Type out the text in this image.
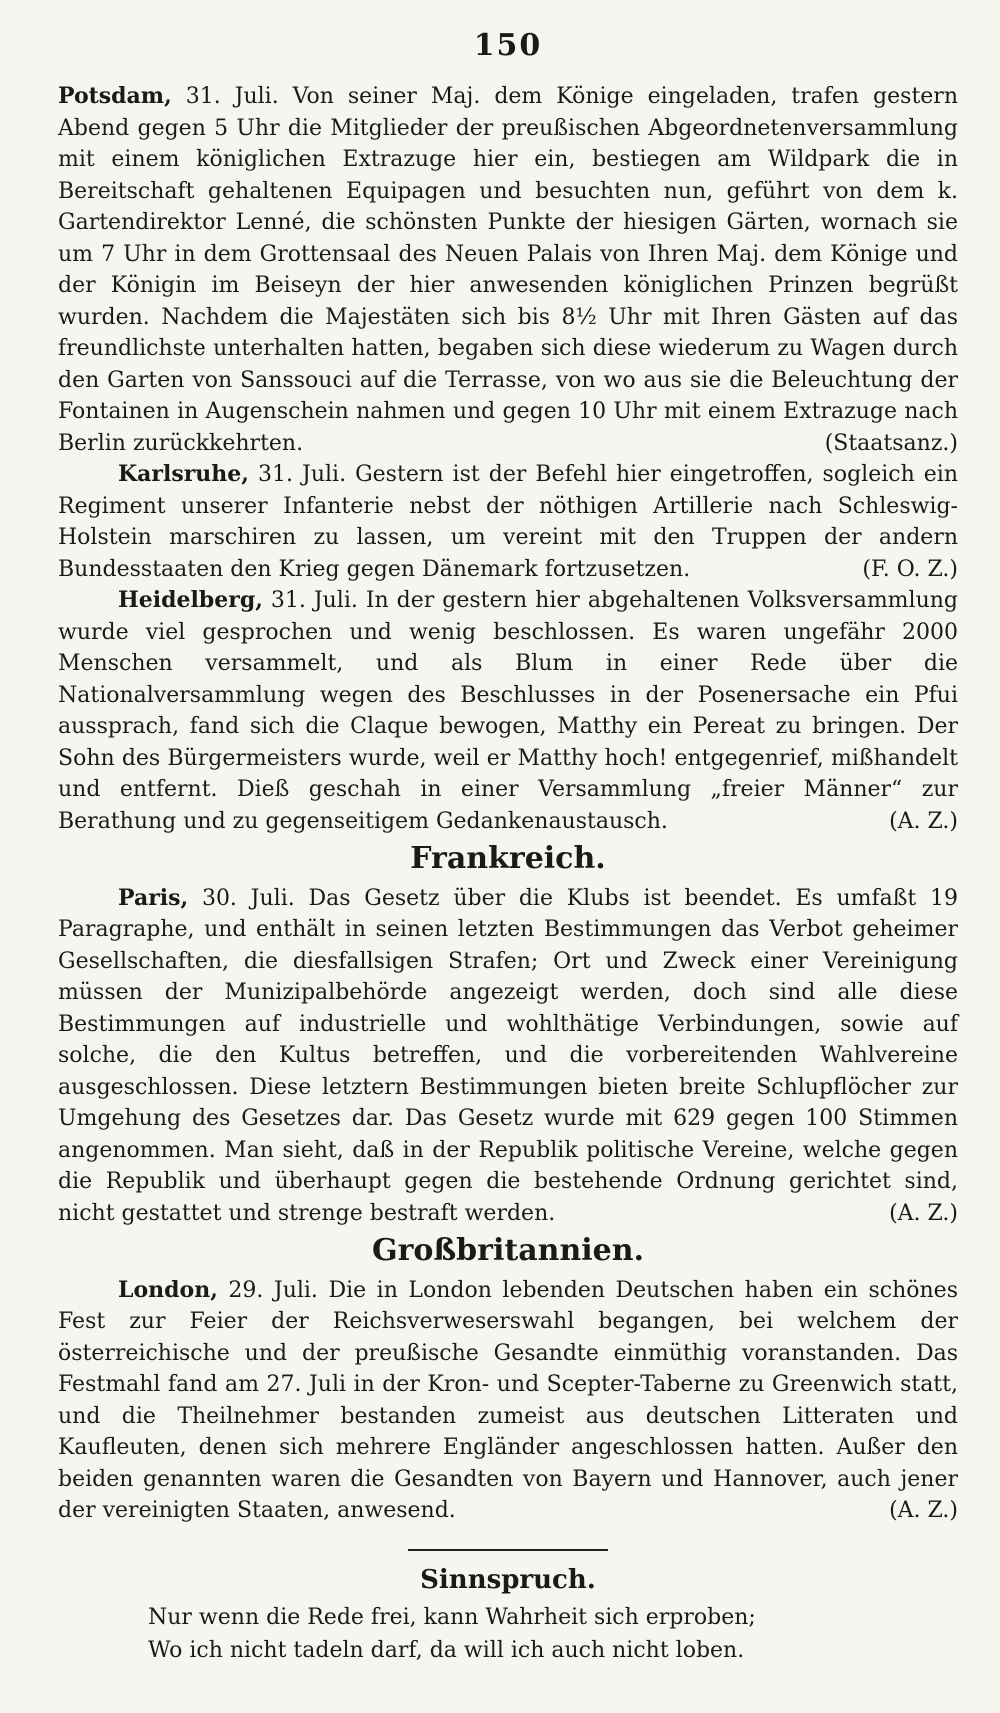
150

Potsdam, 31. Juli. Von seiner Maj. dem Könige eingeladen, trafen gestern Abend gegen 5 Uhr die Mitglieder der preußischen Abgeordnetenversammlung mit einem königlichen Extrazuge hier ein, bestiegen am Wildpark die in Bereitschaft gehaltenen Equipagen und besuchten nun, geführt von dem k. Gartendirektor Lenné, die schönsten Punkte der hiesigen Gärten, wornach sie um 7 Uhr in dem Grottensaal des Neuen Palais von Ihren Maj. dem Könige und der Königin im Beiseyn der hier anwesenden königlichen Prinzen begrüßt wurden. Nachdem die Majestäten sich bis 8½ Uhr mit Ihren Gästen auf das freundlichste unterhalten hatten, begaben sich diese wiederum zu Wagen durch den Garten von Sanssouci auf die Terrasse, von wo aus sie die Beleuchtung der Fontainen in Augenschein nahmen und gegen 10 Uhr mit einem Extrazuge nach Berlin zurückkehrten.	(Staatsanz.)

Karlsruhe, 31. Juli. Gestern ist der Befehl hier eingetroffen, sogleich ein Regiment unserer Infanterie nebst der nöthigen Artillerie nach Schleswig-Holstein marschiren zu lassen, um vereint mit den Truppen der andern Bundesstaaten den Krieg gegen Dänemark fortzusetzen.	(F. O. Z.)

Heidelberg, 31. Juli. In der gestern hier abgehaltenen Volksversammlung wurde viel gesprochen und wenig beschlossen. Es waren ungefähr 2000 Menschen versammelt, und als Blum in einer Rede über die Nationalversammlung wegen des Beschlusses in der Posenersache ein Pfui aussprach, fand sich die Claque bewogen, Matthy ein Pereat zu bringen. Der Sohn des Bürgermeisters wurde, weil er Matthy hoch! entgegenrief, mißhandelt und entfernt. Dieß geschah in einer Versammlung „freier Männer“ zur Berathung und zu gegenseitigem Gedankenaustausch.	(A. Z.)

Frankreich.

Paris, 30. Juli. Das Gesetz über die Klubs ist beendet. Es umfaßt 19 Paragraphe, und enthält in seinen letzten Bestimmungen das Verbot geheimer Gesellschaften, die diesfallsigen Strafen; Ort und Zweck einer Vereinigung müssen der Munizipalbehörde angezeigt werden, doch sind alle diese Bestimmungen auf industrielle und wohlthätige Verbindungen, sowie auf solche, die den Kultus betreffen, und die vorbereitenden Wahlvereine ausgeschlossen. Diese letztern Bestimmungen bieten breite Schlupflöcher zur Umgehung des Gesetzes dar. Das Gesetz wurde mit 629 gegen 100 Stimmen angenommen. Man sieht, daß in der Republik politische Vereine, welche gegen die Republik und überhaupt gegen die bestehende Ordnung gerichtet sind, nicht gestattet und strenge bestraft werden.	(A. Z.)

Großbritannien.

London, 29. Juli. Die in London lebenden Deutschen haben ein schönes Fest zur Feier der Reichsverweserswahl begangen, bei welchem der österreichische und der preußische Gesandte einmüthig voranstanden. Das Festmahl fand am 27. Juli in der Kron- und Scepter-Taberne zu Greenwich statt, und die Theilnehmer bestanden zumeist aus deutschen Litteraten und Kaufleuten, denen sich mehrere Engländer angeschlossen hatten. Außer den beiden genannten waren die Gesandten von Bayern und Hannover, auch jener der vereinigten Staaten, anwesend.	(A. Z.)

Sinnspruch.
Nur wenn die Rede frei, kann Wahrheit sich erproben;
Wo ich nicht tadeln darf, da will ich auch nicht loben.
